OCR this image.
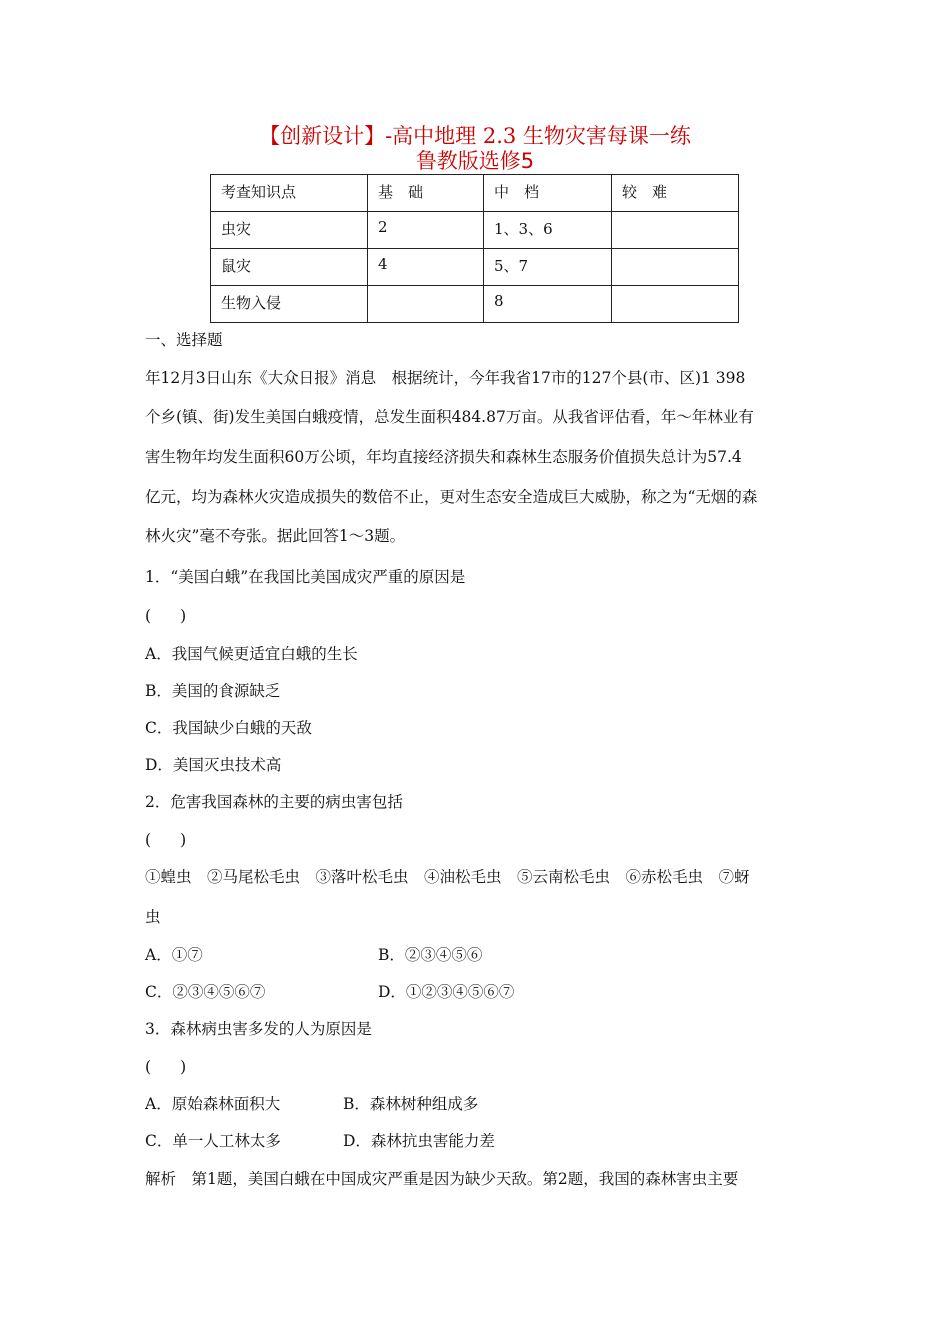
【创新设计】-高中地理 2.3 生物灾害每课一练
鲁教版选修5
考查知识点	基　础	中　档	较　难
虫灾	2	1、3、6	
鼠灾	4	5、7	
生物入侵		8	
一、选择题
年12月3日山东《大众日报》消息　根据统计，今年我省17市的127个县(市、区)1 398
个乡(镇、街)发生美国白蛾疫情，总发生面积484.87万亩。从我省评估看，年～年林业有
害生物年均发生面积60万公顷，年均直接经济损失和森林生态服务价值损失总计为57.4
亿元，均为森林火灾造成损失的数倍不止，更对生态安全造成巨大威胁，称之为“无烟的森
林火灾”毫不夸张。据此回答1～3题。
1．“美国白蛾”在我国比美国成灾严重的原因是
( )
A．我国气候更适宜白蛾的生长
B．美国的食源缺乏
C．我国缺少白蛾的天敌
D．美国灭虫技术高
2．危害我国森林的主要的病虫害包括
( )
①蝗虫　②马尾松毛虫　③落叶松毛虫　④油松毛虫　⑤云南松毛虫　⑥赤松毛虫　⑦蚜
虫
A．①⑦	B．②③④⑤⑥
C．②③④⑤⑥⑦	D．①②③④⑤⑥⑦
3．森林病虫害多发的人为原因是
( )
A．原始森林面积大	B．森林树种组成多
C．单一人工林太多	D．森林抗虫害能力差
解析　第1题，美国白蛾在中国成灾严重是因为缺少天敌。第2题，我国的森林害虫主要
